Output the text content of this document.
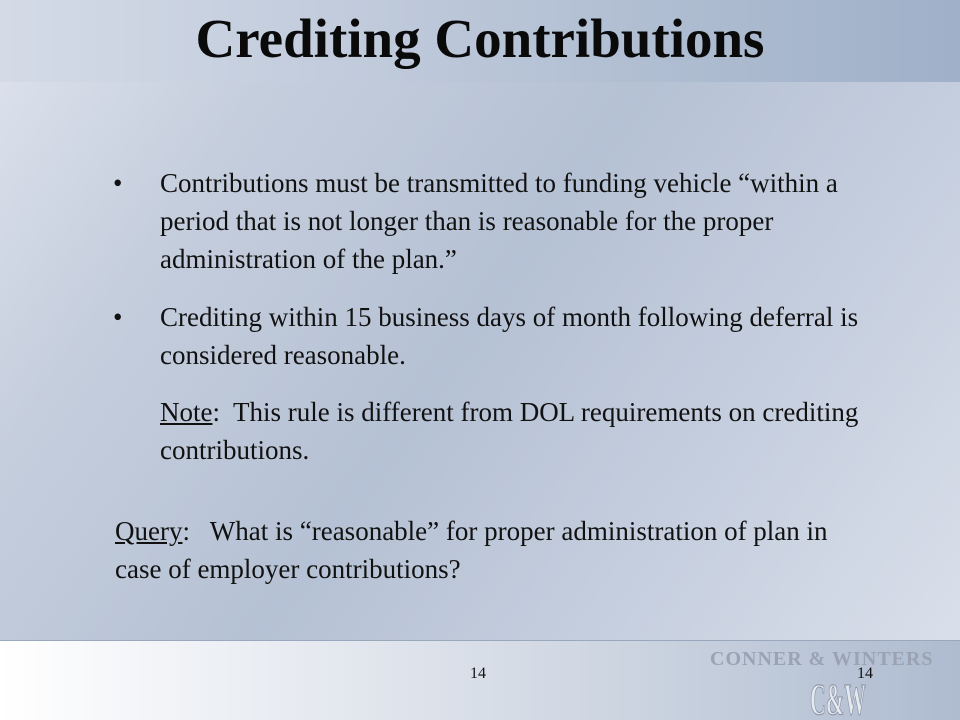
Crediting Contributions
• Contributions must be transmitted to funding vehicle “within a period that is not longer than is reasonable for the proper administration of the plan.”

• Crediting within 15 business days of month following deferral is considered reasonable.

Note:  This rule is different from DOL requirements on crediting contributions.

Query:   What is “reasonable” for proper administration of plan in case of employer contributions?

14	14
CONNER & WINTERS
C&W
